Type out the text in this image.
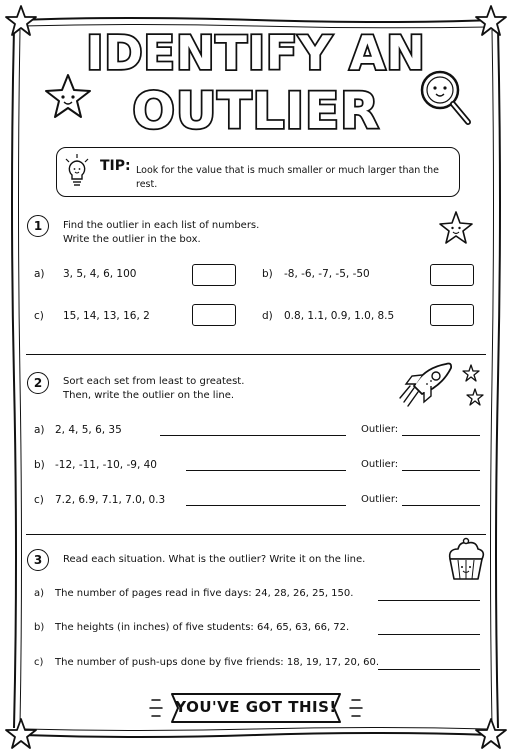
IDENTIFY AN
OUTLIER
TIP: Look for the value that is much smaller or much larger than the rest.
1	Find the outlier in each list of numbers.
Write the outlier in the box.
a) 3, 5, 4, 6, 100	b) -8, -6, -7, -5, -50
c) 15, 14, 13, 16, 2	d) 0.8, 1.1, 0.9, 1.0, 8.5
2	Sort each set from least to greatest.
Then, write the outlier on the line.
a) 2, 4, 5, 6, 35	Outlier:
b) -12, -11, -10, -9, 40	Outlier:
c) 7.2, 6.9, 7.1, 7.0, 0.3	Outlier:
3	Read each situation. What is the outlier? Write it on the line.
a) The number of pages read in five days: 24, 28, 26, 25, 150.
b) The heights (in inches) of five students: 64, 65, 63, 66, 72.
c) The number of push-ups done by five friends: 18, 19, 17, 20, 60.
YOU'VE GOT THIS!
